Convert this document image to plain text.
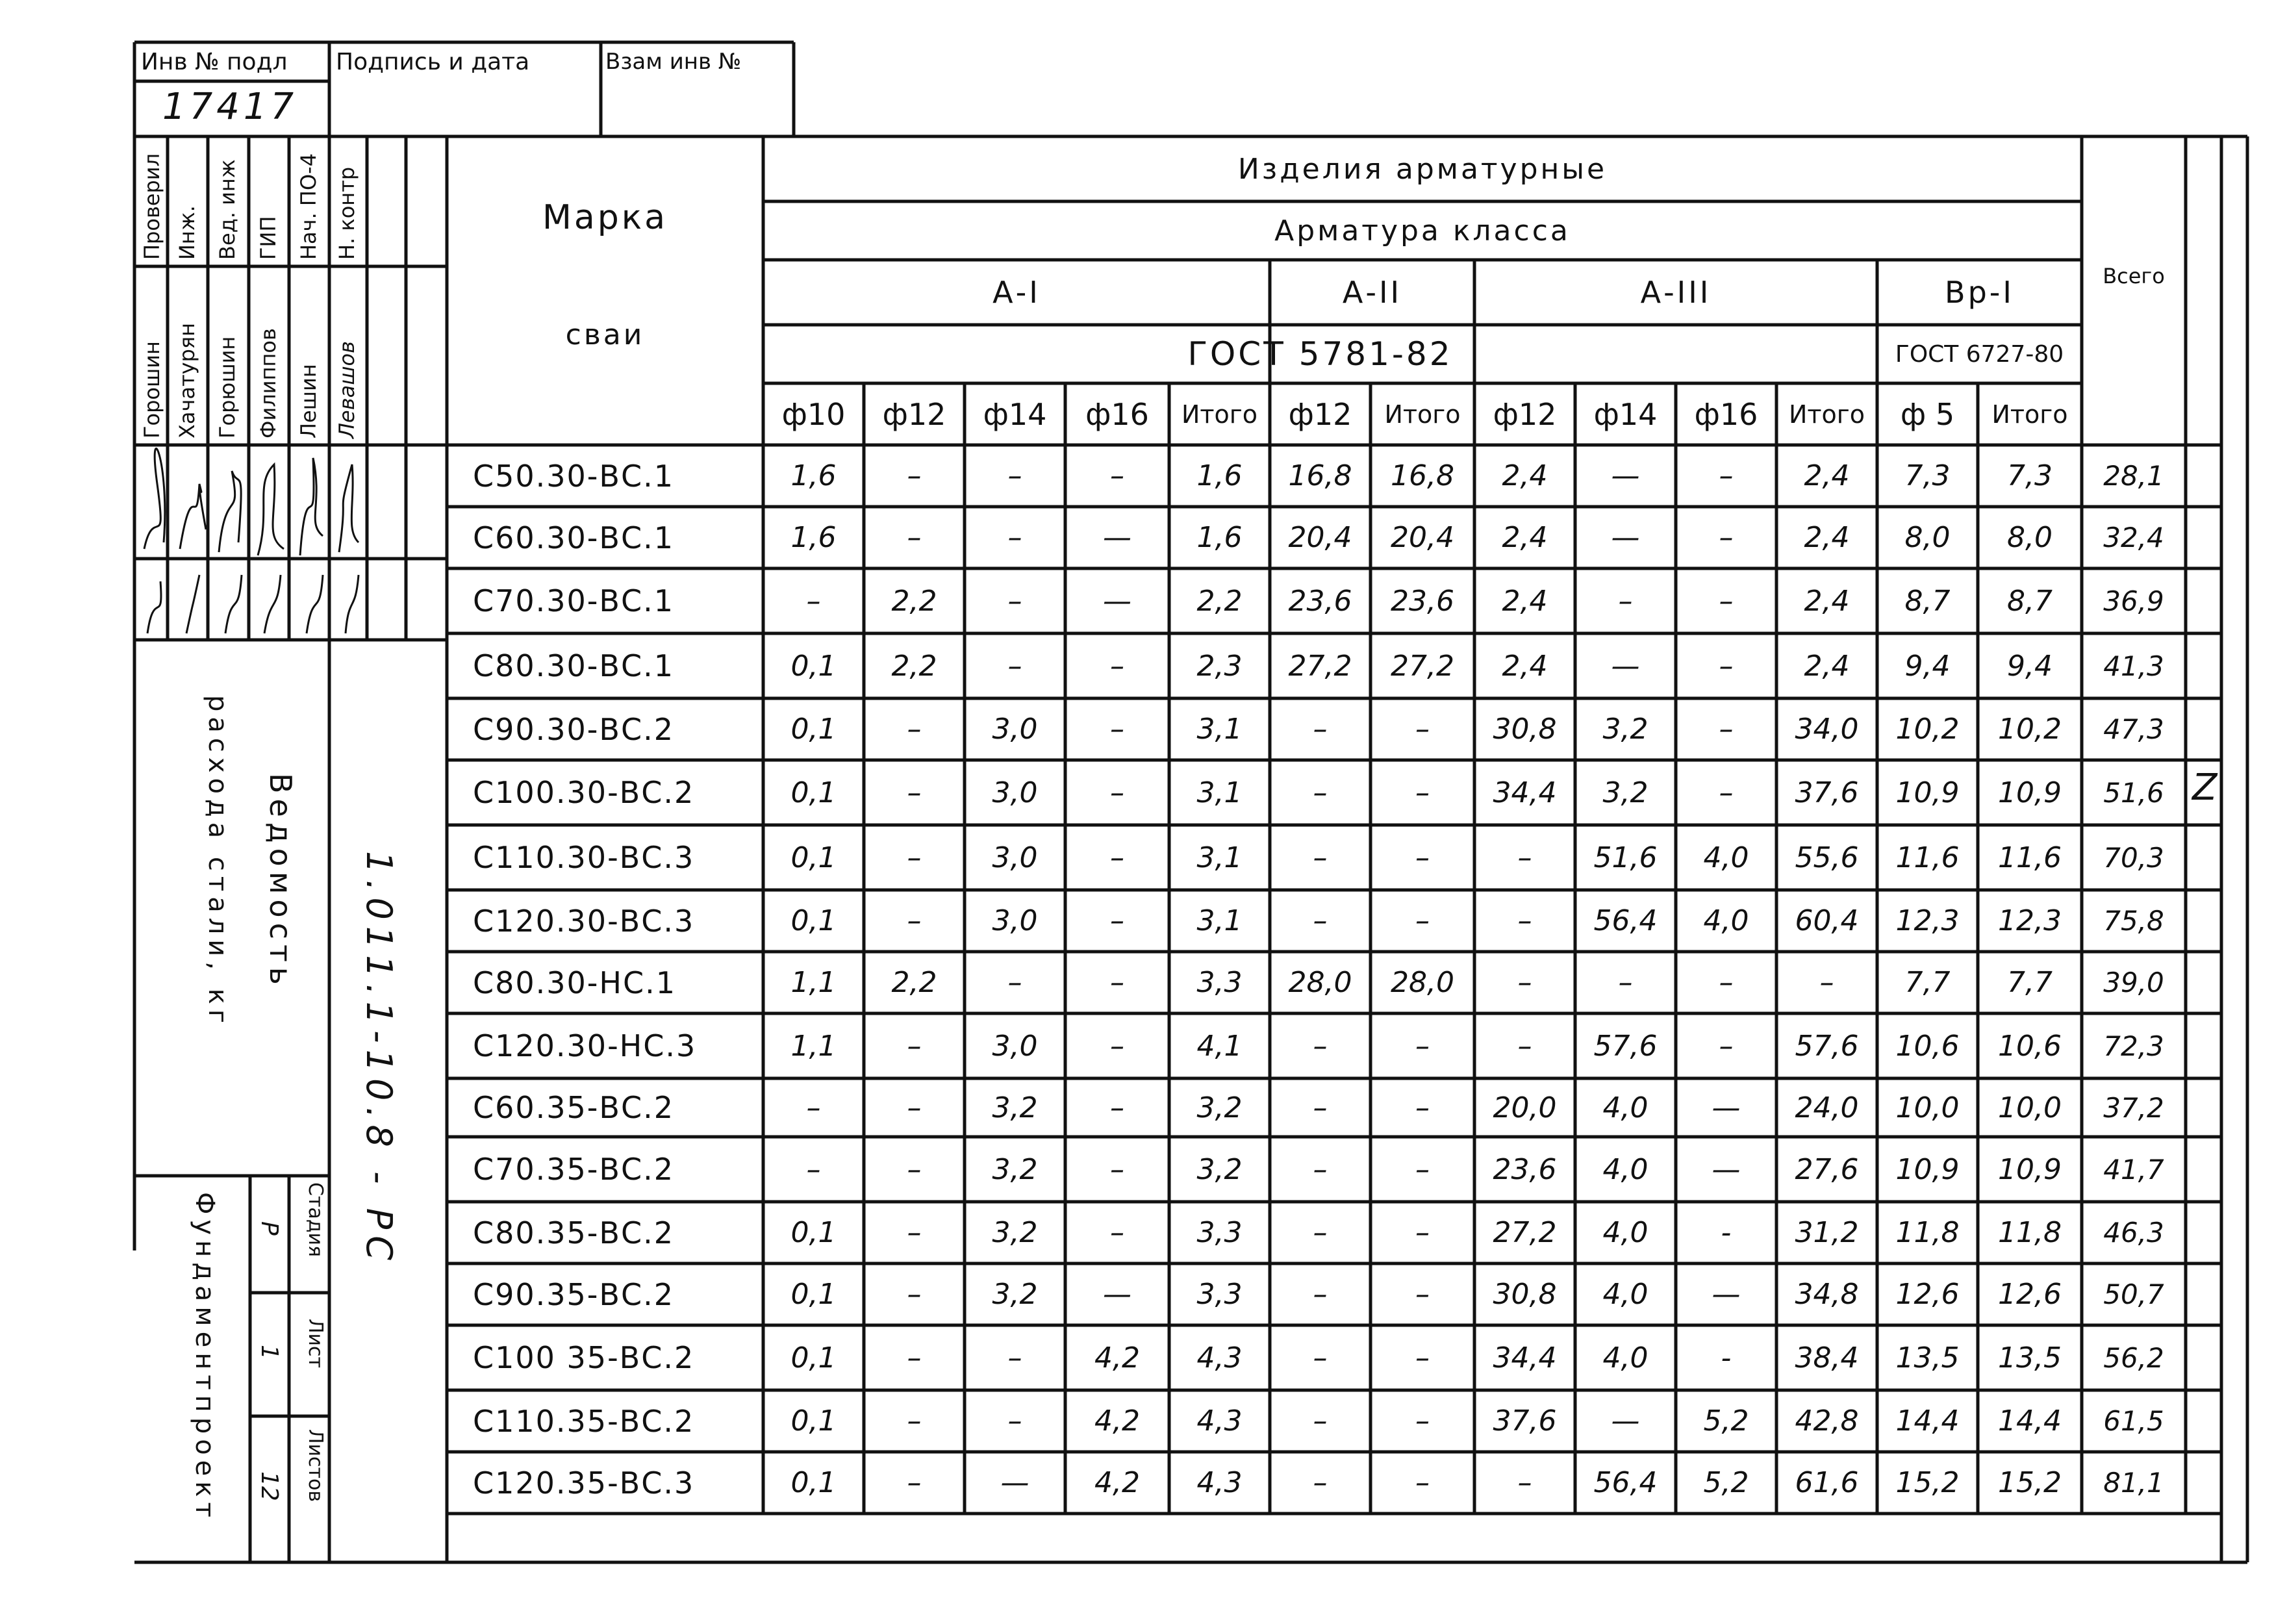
Инв № подл Подпись и дата	Взам инв №
17417
Проверил Инж. Вед. инж ГИП Нач. ПО-4 Н. контр
Горошин Хачатурян Горюшин Филиппов Лешин Левашов
расхода стали, кг Ведомость 1.011.1-10.8 - РС
Фундаментпроект	Стадия
Р
Лист
1
Листов
12
Марка
сваи
Изделия арматурные
Арматура класса
А-I	А-II	А-III	Вр-I
ГОСТ 5781-82	ГОСТ 6727-80
Всего
ф10	ф12	ф14	ф16	Итого	ф12	Итого	ф12	ф14	ф16	Итого	ф 5	Итого
С50.30-ВС.1	1,6	–	–	–	1,6	16,8	16,8	2,4	—	–	2,4	7,3	7,3	28,1
С60.30-ВС.1	1,6	–	–	—	1,6	20,4	20,4	2,4	—	–	2,4	8,0	8,0	32,4
С70.30-ВС.1	–	2,2	–	—	2,2	23,6	23,6	2,4	–	–	2,4	8,7	8,7	36,9
С80.30-ВС.1	0,1	2,2	–	–	2,3	27,2	27,2	2,4	—	–	2,4	9,4	9,4	41,3
С90.30-ВС.2	0,1	–	3,0	–	3,1	–	–	30,8	3,2	–	34,0	10,2	10,2	47,3
С100.30-ВС.2	0,1	–	3,0	–	3,1	–	–	34,4	3,2	–	37,6	10,9	10,9	51,6
С110.30-ВС.3	0,1	–	3,0	–	3,1	–	–	–	51,6	4,0	55,6	11,6	11,6	70,3
С120.30-ВС.3	0,1	–	3,0	–	3,1	–	–	–	56,4	4,0	60,4	12,3	12,3	75,8
С80.30-НС.1	1,1	2,2	–	–	3,3	28,0	28,0	–	–	–	–	7,7	7,7	39,0
С120.30-НС.3	1,1	–	3,0	–	4,1	–	–	–	57,6	–	57,6	10,6	10,6	72,3
С60.35-ВС.2	–	–	3,2	–	3,2	–	–	20,0	4,0	—	24,0	10,0	10,0	37,2
С70.35-ВС.2	–	–	3,2	–	3,2	–	–	23,6	4,0	—	27,6	10,9	10,9	41,7
С80.35-ВС.2	0,1	–	3,2	–	3,3	–	–	27,2	4,0	-	31,2	11,8	11,8	46,3
С90.35-ВС.2	0,1	–	3,2	—	3,3	–	–	30,8	4,0	—	34,8	12,6	12,6	50,7
С100 35-ВС.2	0,1	–	–	4,2	4,3	–	–	34,4	4,0	-	38,4	13,5	13,5	56,2
С110.35-ВС.2	0,1	–	–	4,2	4,3	–	–	37,6	—	5,2	42,8	14,4	14,4	61,5
С120.35-ВС.3	0,1	–	—	4,2	4,3	–	–	–	56,4	5,2	61,6	15,2	15,2	81,1
Z
